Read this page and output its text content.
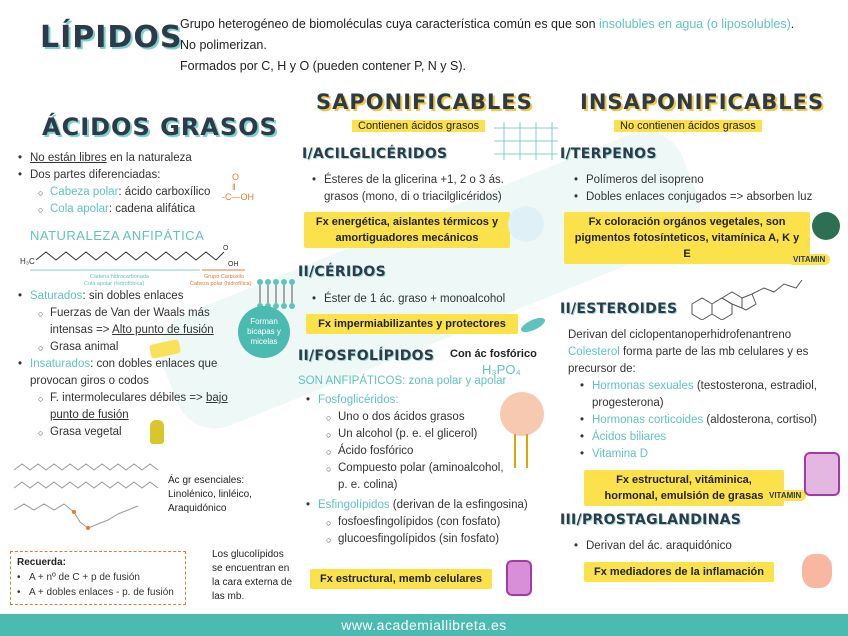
LÍPIDOS
Grupo heterogéneo de biomoléculas cuya característica común es que son insolubles en agua (o liposolubles).
No polimerizan.
Formados por C, H y O (pueden contener P, N y S).
ÁCIDOS GRASOS
• No están libres en la naturaleza
• Dos partes diferenciadas:
○ Cabeza polar: ácido carboxílico
○ Cola apolar: cadena alifática
O
‖
-C—OH
NATURALEZA ANFIPÁTICA
H₃C
O
OH
Cadena hidrocarbonada
Cola apolar (hidrofóbica)
Grupo Carboxilo
Cabeza polar (hidrofílica)
Forman bicapas y micelas
• Saturados: sin dobles enlaces
○ Fuerzas de Van der Waals más intensas => Alto punto de fusión
○ Grasa animal
• Insaturados: con dobles enlaces que provocan giros o codos
○ F. intermoleculares débiles => bajo punto de fusión
○ Grasa vegetal
Ác gr esenciales: Linolénico, linléico, Araquidónico
Recuerda:
• A + nº de C + p de fusión
• A + dobles enlaces - p. de fusión
Los glucolípidos se encuentran en la cara externa de las mb.
SAPONIFICABLES
Contienen ácidos grasos
I/ACILGLICÉRIDOS
• Ésteres de la glicerina +1, 2 o 3 ás. grasos (mono, di o triacilglicéridos)
Fx energética, aislantes térmicos y amortiguadores mecánicos
II/CÉRIDOS
• Éster de 1 ác. graso + monoalcohol
Fx impermiabilizantes y protectores
II/FOSFOLÍPIDOS Con ác fosfórico
H₃PO₄
SON ANFIPÁTICOS: zona polar y apolar
• Fosfoglicéridos:
○ Uno o dos ácidos grasos
○ Un alcohol (p. e. el glicerol)
○ Ácido fosfórico
○ Compuesto polar (aminoalcohol, p. e. colina)
• Esfingolípidos (derivan de la esfingosina)
○ fosfoesfingolípidos (con fosfato)
○ glucoesfingolípidos (sin fosfato)
Fx estructural, memb celulares
INSAPONIFICABLES
No contienen ácidos grasos
I/TERPENOS
• Polímeros del isopreno
• Dobles enlaces conjugados => absorben luz
Fx coloración orgános vegetales, son pigmentos fotosínteticos, vitamínica A, K y E	VITAMIN
II/ESTEROIDES
Derivan del ciclopentanoperhidrofenantreno
Colesterol forma parte de las mb celulares y es precursor de:
• Hormonas sexuales (testosterona, estradiol, progesterona)
• Hormonas corticoides (aldosterona, cortisol)
• Ácidos biliares
• Vitamina D
Fx estructural, vitáminica, hormonal, emulsión de grasas VITAMIN
III/PROSTAGLANDINAS
• Derivan del ác. araquidónico
Fx mediadores de la inflamación
www.academiallibreta.es
